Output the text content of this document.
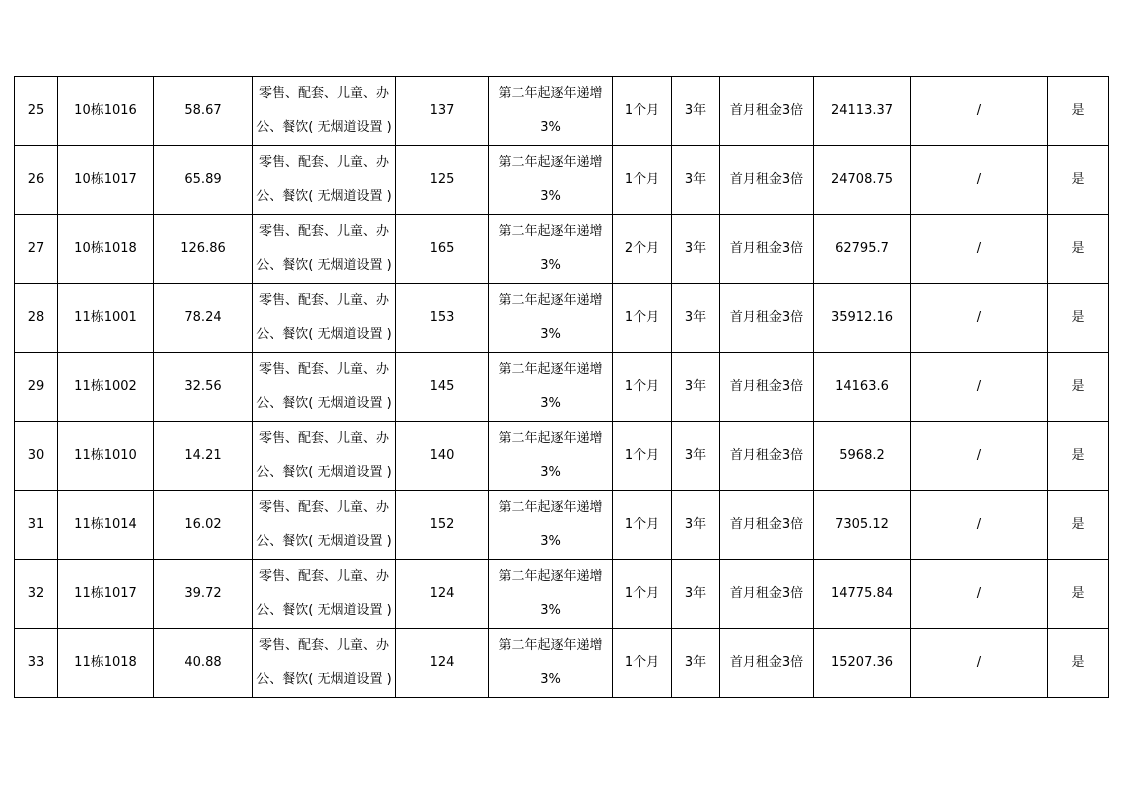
25	10栋1016	58.67	零售、配套、儿童、办
公、餐饮( 无烟道设置 )	137	第二年起逐年递增
3%	1个月	3年	首月租金3倍	24113.37	/	是
26	10栋1017	65.89	零售、配套、儿童、办
公、餐饮( 无烟道设置 )	125	第二年起逐年递增
3%	1个月	3年	首月租金3倍	24708.75	/	是
27	10栋1018	126.86	零售、配套、儿童、办
公、餐饮( 无烟道设置 )	165	第二年起逐年递增
3%	2个月	3年	首月租金3倍	62795.7	/	是
28	11栋1001	78.24	零售、配套、儿童、办
公、餐饮( 无烟道设置 )	153	第二年起逐年递增
3%	1个月	3年	首月租金3倍	35912.16	/	是
29	11栋1002	32.56	零售、配套、儿童、办
公、餐饮( 无烟道设置 )	145	第二年起逐年递增
3%	1个月	3年	首月租金3倍	14163.6	/	是
30	11栋1010	14.21	零售、配套、儿童、办
公、餐饮( 无烟道设置 )	140	第二年起逐年递增
3%	1个月	3年	首月租金3倍	5968.2	/	是
31	11栋1014	16.02	零售、配套、儿童、办
公、餐饮( 无烟道设置 )	152	第二年起逐年递增
3%	1个月	3年	首月租金3倍	7305.12	/	是
32	11栋1017	39.72	零售、配套、儿童、办
公、餐饮( 无烟道设置 )	124	第二年起逐年递增
3%	1个月	3年	首月租金3倍	14775.84	/	是
33	11栋1018	40.88	零售、配套、儿童、办
公、餐饮( 无烟道设置 )	124	第二年起逐年递增
3%	1个月	3年	首月租金3倍	15207.36	/	是
